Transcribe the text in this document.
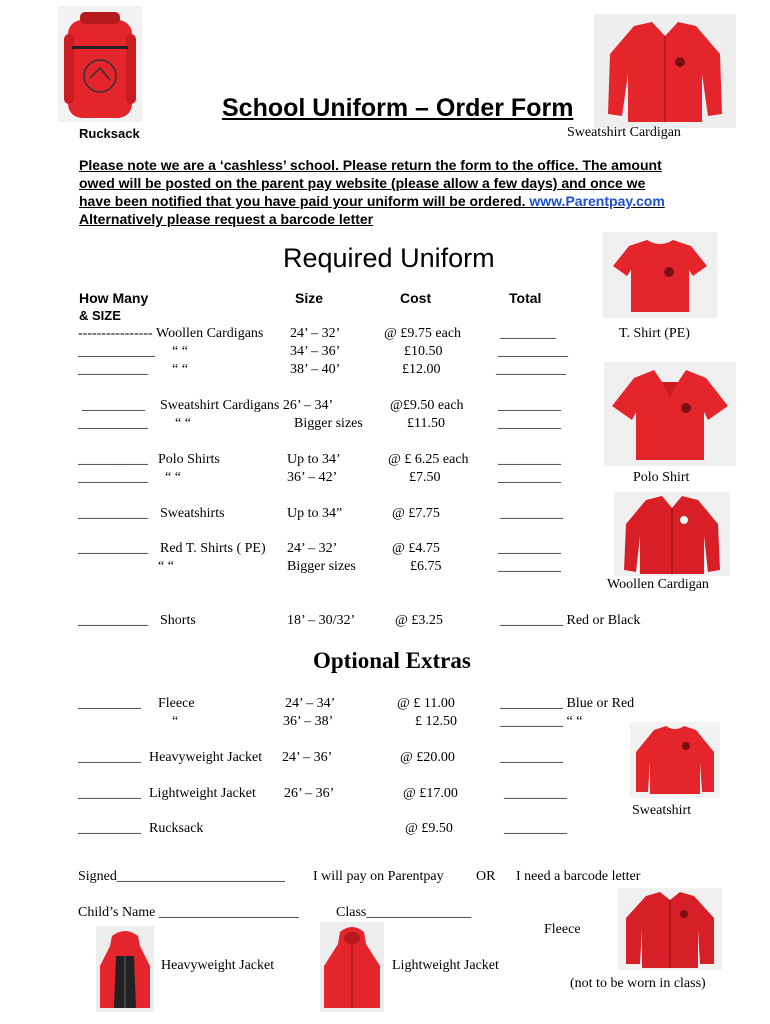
School Uniform – Order Form
Rucksack	Sweatshirt Cardigan
Please note we are a ‘cashless’ school. Please return the form to the office. The amount
owed will be posted on the parent pay website (please allow a few days) and once we
have been notified that you have paid your uniform will be ordered. www.Parentpay.com
Alternatively please request a barcode letter
Required Uniform
How Many
& SIZE
Size	Cost	Total
---------------- Woollen Cardigans 24’ – 32’	@ £9.75 each	________	T. Shirt (PE)
___________ “ “	34’ – 36’	£10.50	__________
__________ “ “	38’ – 40’	£12.00	__________
_________ Sweatshirt Cardigans 26’ – 34’	@£9.50 each _________
__________ “ “	Bigger sizes	£11.50	_________
__________ Polo Shirts	Up to 34’	@ £ 6.25 each _________
__________ “ “	36’ – 42’	£7.50	_________	Polo Shirt
__________ Sweatshirts	Up to 34”	@ £7.75	_________
__________ Red T. Shirts ( PE) 24’ – 32’	@ £4.75	_________
“ “	Bigger sizes	£6.75	_________
Woollen Cardigan
__________ Shorts	18’ – 30/32’	@ £3.25	_________ Red or Black
Optional Extras
_________ Fleece	24’ – 34’	@ £ 11.00	_________ Blue or Red
“	36’ – 38’	£ 12.50	_________ “ “
_________ Heavyweight Jacket 24’ – 36’	@ £20.00	_________
_________ Lightweight Jacket 26’ – 36’	@ £17.00	_________
Sweatshirt
_________ Rucksack	@ £9.50	_________
Signed________________________ I will pay on Parentpay OR I need a barcode letter
Child’s Name ____________________	Class_______________
Fleece
Heavyweight Jacket	Lightweight Jacket
(not to be worn in class)
